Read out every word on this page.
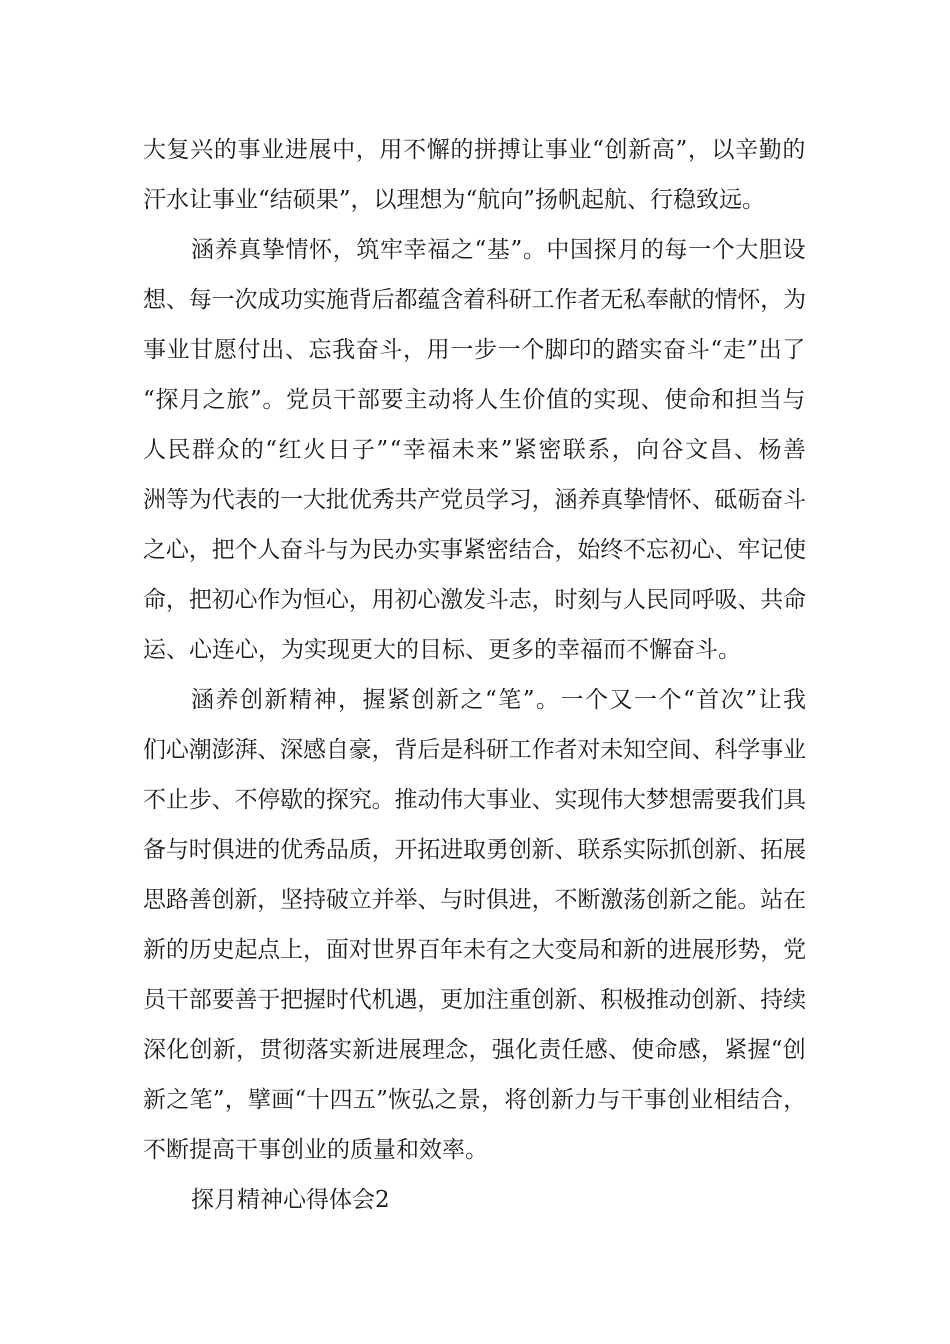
大复兴的事业进展中，用不懈的拼搏让事业“创新高”，以辛勤的
汗水让事业“结硕果”，以理想为“航向”扬帆起航、行稳致远。
涵养真挚情怀，筑牢幸福之“基”。中国探月的每一个大胆设
想、每一次成功实施背后都蕴含着科研工作者无私奉献的情怀，为
事业甘愿付出、忘我奋斗，用一步一个脚印的踏实奋斗“走”出了
“探月之旅”。党员干部要主动将人生价值的实现、使命和担当与
人民群众的“红火日子”“幸福未来”紧密联系，向谷文昌、杨善
洲等为代表的一大批优秀共产党员学习，涵养真挚情怀、砥砺奋斗
之心，把个人奋斗与为民办实事紧密结合，始终不忘初心、牢记使
命，把初心作为恒心，用初心激发斗志，时刻与人民同呼吸、共命
运、心连心，为实现更大的目标、更多的幸福而不懈奋斗。
涵养创新精神，握紧创新之“笔”。一个又一个“首次”让我
们心潮澎湃、深感自豪，背后是科研工作者对未知空间、科学事业
不止步、不停歇的探究。推动伟大事业、实现伟大梦想需要我们具
备与时俱进的优秀品质，开拓进取勇创新、联系实际抓创新、拓展
思路善创新，坚持破立并举、与时俱进，不断激荡创新之能。站在
新的历史起点上，面对世界百年未有之大变局和新的进展形势，党
员干部要善于把握时代机遇，更加注重创新、积极推动创新、持续
深化创新，贯彻落实新进展理念，强化责任感、使命感，紧握“创
新之笔”，擘画“十四五”恢弘之景，将创新力与干事创业相结合，
不断提高干事创业的质量和效率。
探月精神心得体会2
